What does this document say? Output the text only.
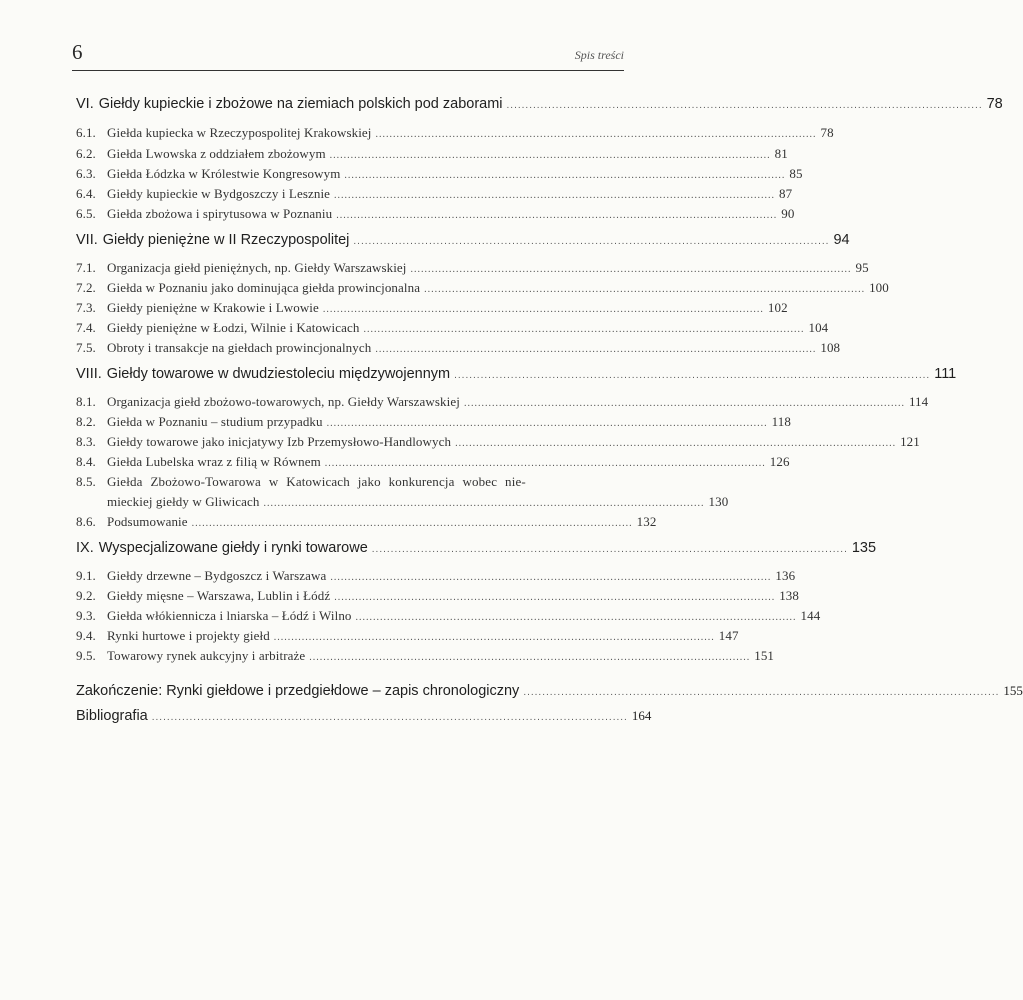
6	Spis treści
VI. Giełdy kupieckie i zbożowe na ziemiach polskich pod zaborami .............................................................................................................................. 78
6.1. Giełda kupiecka w Rzeczypospolitej Krakowskiej .............................................................................................................................. 78
6.2. Giełda Lwowska z oddziałem zbożowym .............................................................................................................................. 81
6.3. Giełda Łódzka w Królestwie Kongresowym .............................................................................................................................. 85
6.4. Giełdy kupieckie w Bydgoszczy i Lesznie .............................................................................................................................. 87
6.5. Giełda zbożowa i spirytusowa w Poznaniu .............................................................................................................................. 90
VII. Giełdy pieniężne w II Rzeczypospolitej .............................................................................................................................. 94
7.1. Organizacja giełd pieniężnych, np. Giełdy Warszawskiej .............................................................................................................................. 95
7.2. Giełda w Poznaniu jako dominująca giełda prowincjonalna .............................................................................................................................. 100
7.3. Giełdy pieniężne w Krakowie i Lwowie .............................................................................................................................. 102
7.4. Giełdy pieniężne w Łodzi, Wilnie i Katowicach .............................................................................................................................. 104
7.5. Obroty i transakcje na giełdach prowincjonalnych .............................................................................................................................. 108
VIII. Giełdy towarowe w dwudziestoleciu międzywojennym .............................................................................................................................. 111
8.1. Organizacja giełd zbożowo-towarowych, np. Giełdy Warszawskiej .............................................................................................................................. 114
8.2. Giełda w Poznaniu – studium przypadku .............................................................................................................................. 118
8.3. Giełdy towarowe jako inicjatywy Izb Przemysłowo-Handlowych .............................................................................................................................. 121
8.4. Giełda Lubelska wraz z filią w Równem .............................................................................................................................. 126
8.5. Giełda Zbożowo-Towarowa w Katowicach jako konkurencja wobec nie-
mieckiej giełdy w Gliwicach .............................................................................................................................. 130
8.6. Podsumowanie .............................................................................................................................. 132
IX. Wyspecjalizowane giełdy i rynki towarowe .............................................................................................................................. 135
9.1. Giełdy drzewne – Bydgoszcz i Warszawa .............................................................................................................................. 136
9.2. Giełdy mięsne – Warszawa, Lublin i Łódź .............................................................................................................................. 138
9.3. Giełda włókiennicza i lniarska – Łódź i Wilno .............................................................................................................................. 144
9.4. Rynki hurtowe i projekty giełd .............................................................................................................................. 147
9.5. Towarowy rynek aukcyjny i arbitraże .............................................................................................................................. 151
Zakończenie: Rynki giełdowe i przedgiełdowe – zapis chronologiczny .............................................................................................................................. 155
Bibliografia .............................................................................................................................. 164
